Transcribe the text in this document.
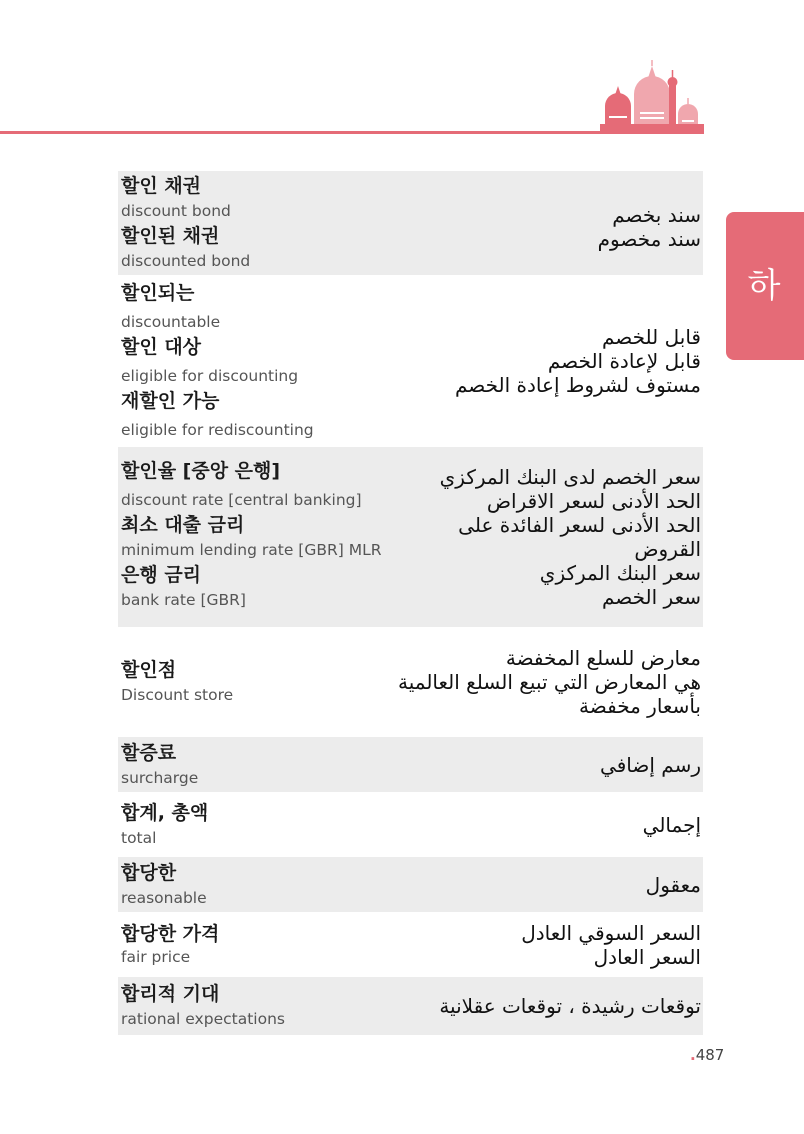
하
할인 채권
discount bond
할인된 채권
discounted bond
سند بخصم
سند مخصوم
할인되는
discountable
할인 대상
eligible for discounting
재할인 가능
eligible for rediscounting
قابل للخصم
قابل لإعادة الخصم
مستوف لشروط إعادة الخصم
할인율 [중앙 은행]
discount rate [central banking]
최소 대출 금리
minimum lending rate [GBR] MLR
은행 금리
bank rate [GBR]
سعر الخصم لدى البنك المركزي
الحد الأدنى لسعر الاقراض
الحد الأدنى لسعر الفائدة على القروض
سعر البنك المركزي
سعر الخصم
할인점
Discount store
معارض للسلع المخفضة
هي المعارض التي تبيع السلع العالمية بأسعار مخفضة
할증료
surcharge
رسم إضافي
합계, 총액
total
إجمالي
합당한
reasonable
معقول
합당한 가격
fair price
السعر السوقي العادل
السعر العادل
합리적 기대
rational expectations
توقعات رشيدة ، توقعات عقلانية
.487
